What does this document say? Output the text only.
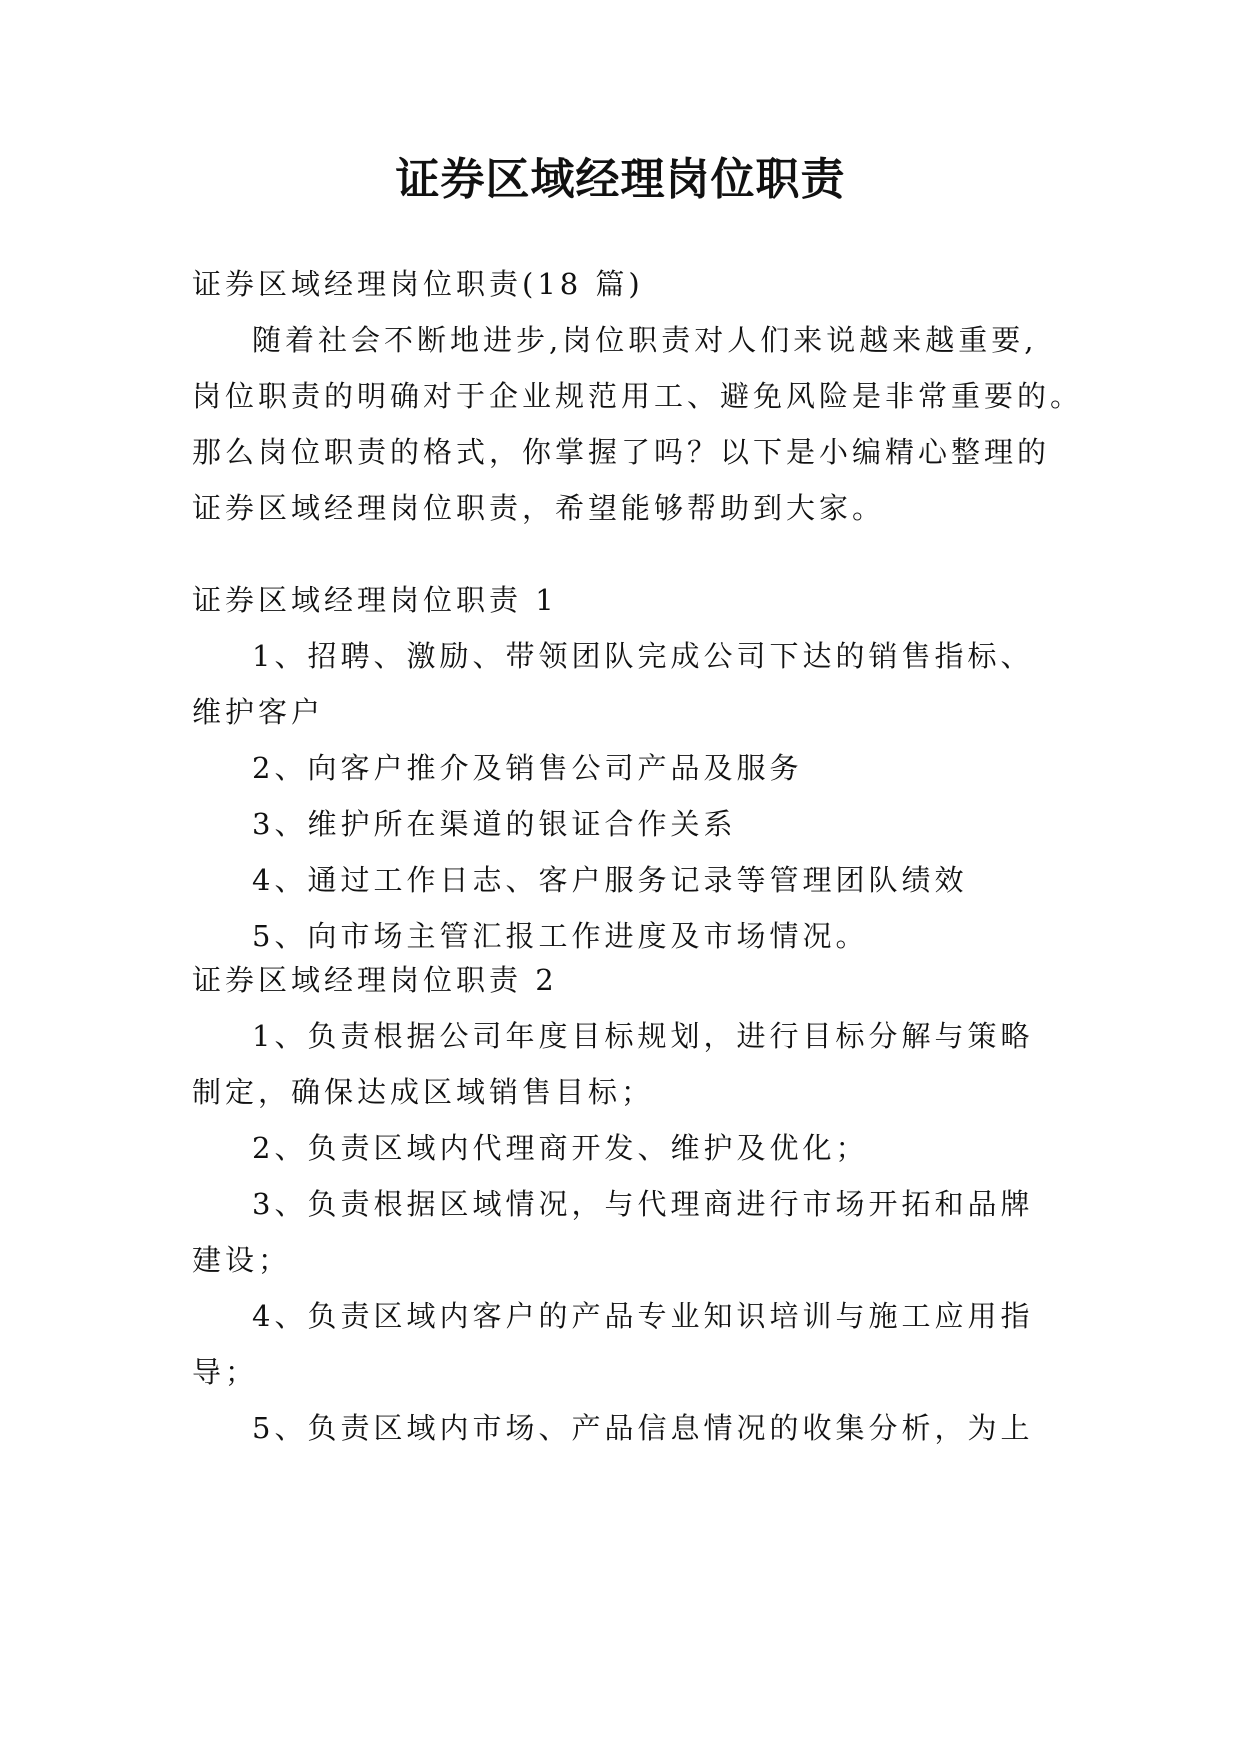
证券区域经理岗位职责
证券区域经理岗位职责(18 篇)
随着社会不断地进步,岗位职责对人们来说越来越重要,
岗位职责的明确对于企业规范用工、避免风险是非常重要的。
那么岗位职责的格式，你掌握了吗？以下是小编精心整理的
证券区域经理岗位职责，希望能够帮助到大家。
证券区域经理岗位职责 1
1、招聘、激励、带领团队完成公司下达的销售指标、
维护客户
2、向客户推介及销售公司产品及服务
3、维护所在渠道的银证合作关系
4、通过工作日志、客户服务记录等管理团队绩效
5、向市场主管汇报工作进度及市场情况。
证券区域经理岗位职责 2
1、负责根据公司年度目标规划，进行目标分解与策略
制定，确保达成区域销售目标；
2、负责区域内代理商开发、维护及优化；
3、负责根据区域情况，与代理商进行市场开拓和品牌
建设；
4、负责区域内客户的产品专业知识培训与施工应用指
导；
5、负责区域内市场、产品信息情况的收集分析，为上
